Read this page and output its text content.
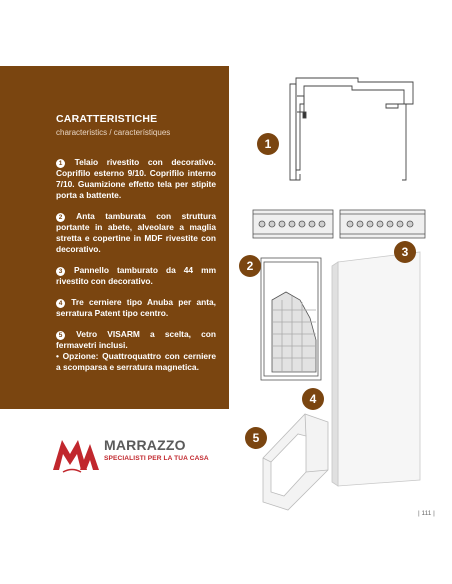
CARATTERISTICHE
characteristics / característiques
1 Telaio rivestito con decorativo. Coprifilo esterno 9/10. Coprifilo interno 7/10. Guamizione effetto tela per stipite porta a battente.
2 Anta tamburata con struttura portante in abete, alveolare a maglia stretta e copertine in MDF rivestite con decorativo.
3 Pannello tamburato da 44 mm rivestito con decorativo.
4 Tre cerniere tipo Anuba per anta, serratura Patent tipo centro.
5 Vetro VISARM a scelta, con fermavetri inclusi.
• Opzione: Quattroquattro con cerniere a scomparsa e serratura magnetica.
MARRAZZO
SPECIALISTI PER LA TUA CASA
1
2
3
4
5
| 111 |
